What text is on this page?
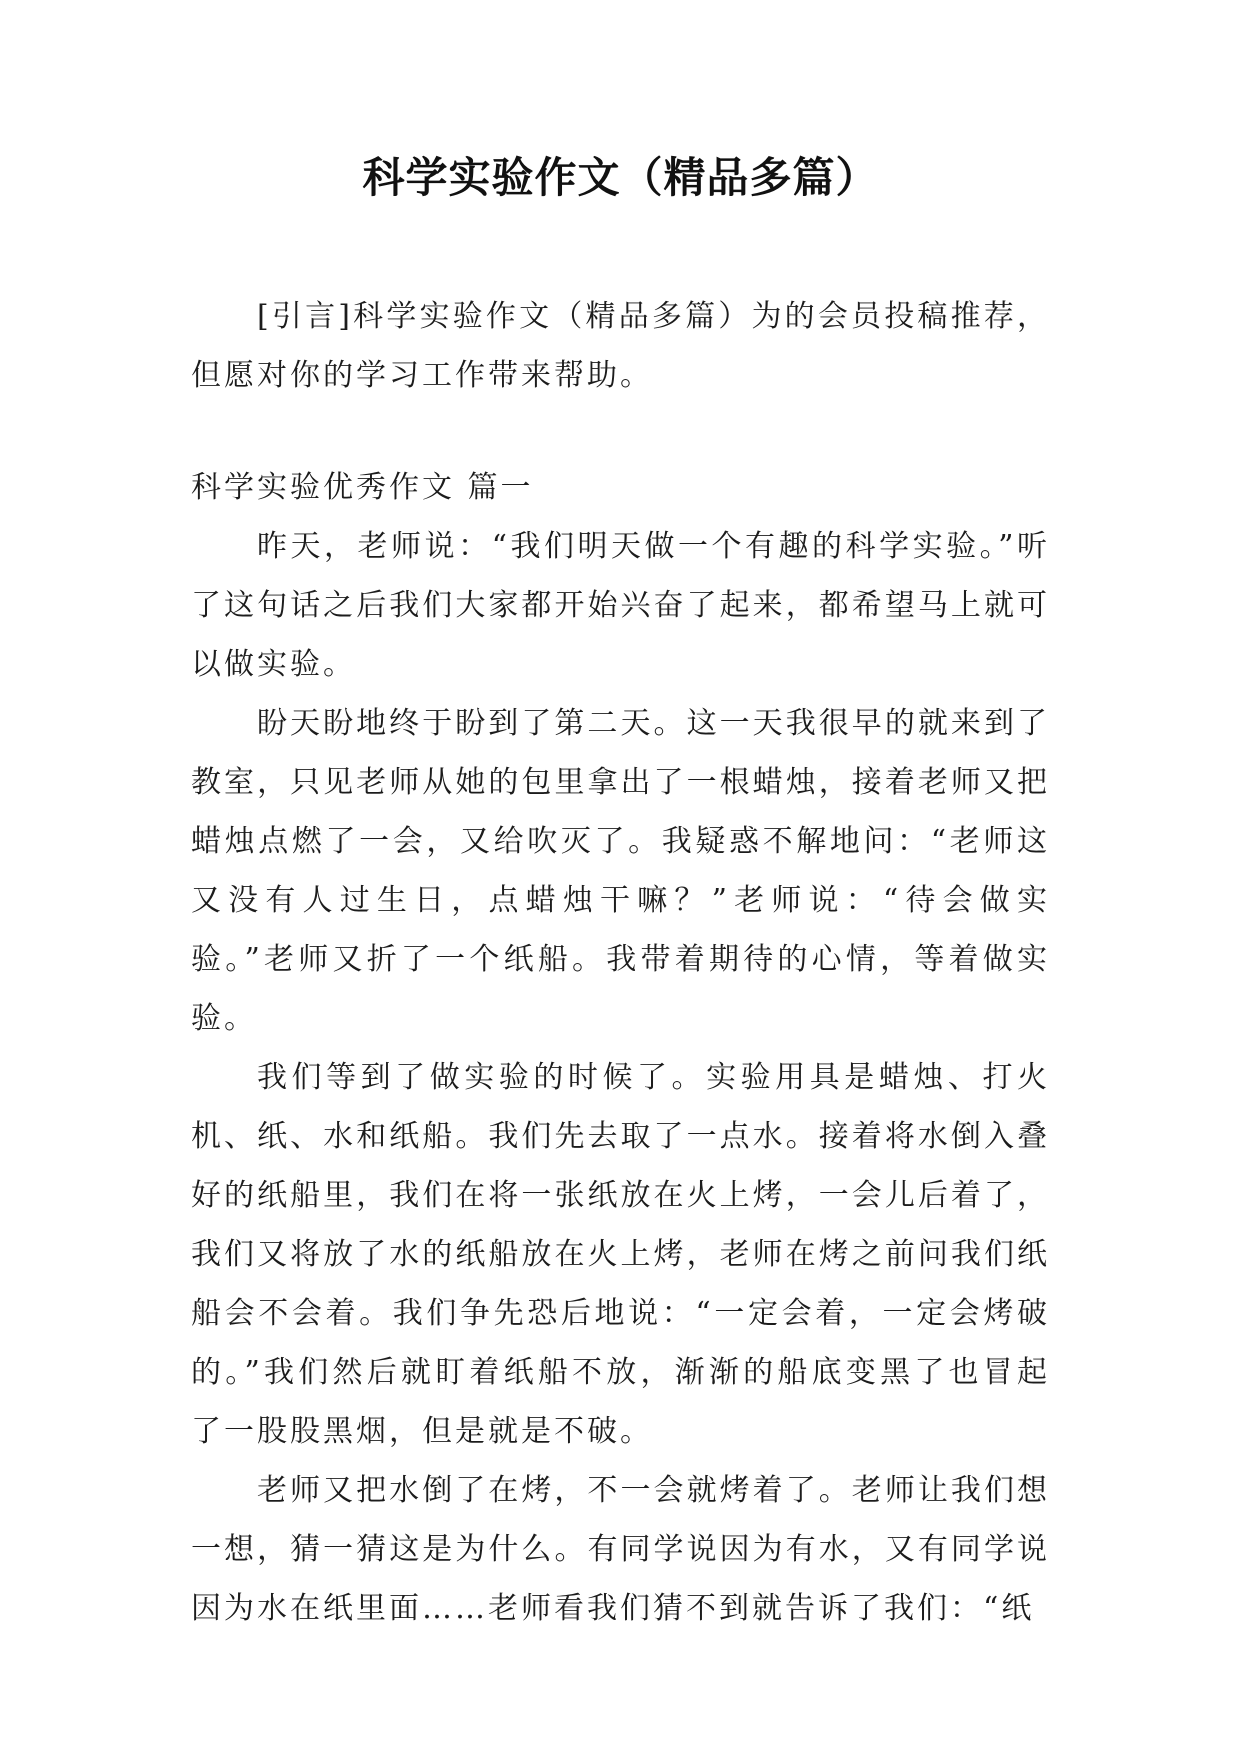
科学实验作文（精品多篇）

[引言]科学实验作文（精品多篇）为的会员投稿推荐，但愿对你的学习工作带来帮助。

科学实验优秀作文 篇一

昨天，老师说：“我们明天做一个有趣的科学实验。”听了这句话之后我们大家都开始兴奋了起来，都希望马上就可以做实验。

盼天盼地终于盼到了第二天。这一天我很早的就来到了教室，只见老师从她的包里拿出了一根蜡烛，接着老师又把蜡烛点燃了一会，又给吹灭了。我疑惑不解地问：“老师这又没有人过生日，点蜡烛干嘛？”老师说：“待会做实验。”老师又折了一个纸船。我带着期待的心情，等着做实验。

我们等到了做实验的时候了。实验用具是蜡烛、打火机、纸、水和纸船。我们先去取了一点水。接着将水倒入叠好的纸船里，我们在将一张纸放在火上烤，一会儿后着了，我们又将放了水的纸船放在火上烤，老师在烤之前问我们纸船会不会着。我们争先恐后地说：“一定会着，一定会烤破的。”我们然后就盯着纸船不放，渐渐的船底变黑了也冒起了一股股黑烟，但是就是不破。

老师又把水倒了在烤，不一会就烤着了。老师让我们想一想，猜一猜这是为什么。有同学说因为有水，又有同学说因为水在纸里面……老师看我们猜不到就告诉了我们：“纸
